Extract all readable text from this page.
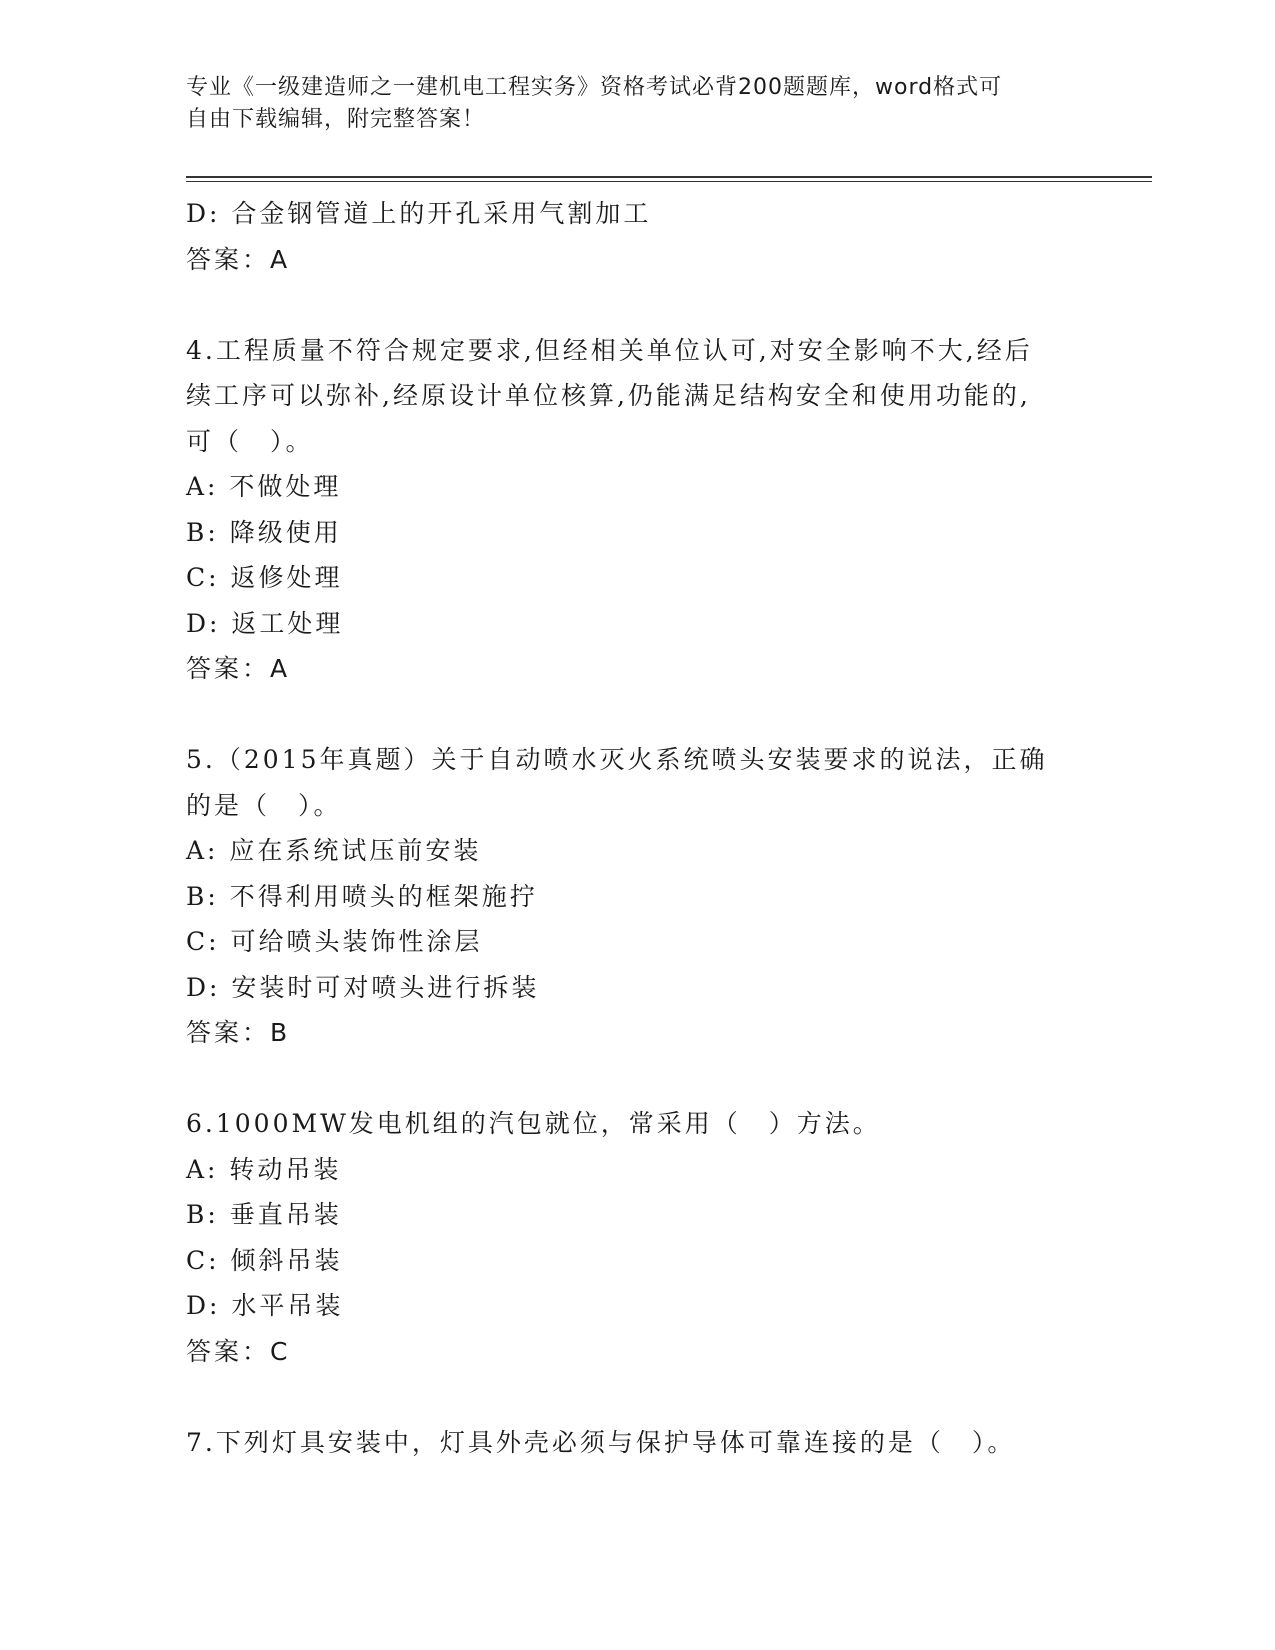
专业《一级建造师之一建机电工程实务》资格考试必背200题题库，word格式可
自由下载编辑，附完整答案！
D: 合金钢管道上的开孔采用气割加工
答案：A
4.工程质量不符合规定要求,但经相关单位认可,对安全影响不大,经后
续工序可以弥补,经原设计单位核算,仍能满足结构安全和使用功能的,
可（　）。
A: 不做处理
B: 降级使用
C: 返修处理
D: 返工处理
答案：A
5.（2015年真题）关于自动喷水灭火系统喷头安装要求的说法，正确
的是（　）。
A: 应在系统试压前安装
B: 不得利用喷头的框架施拧
C: 可给喷头装饰性涂层
D: 安装时可对喷头进行拆装
答案：B
6.1000MW发电机组的汽包就位，常采用（　）方法。
A: 转动吊装
B: 垂直吊装
C: 倾斜吊装
D: 水平吊装
答案：C
7.下列灯具安装中，灯具外壳必须与保护导体可靠连接的是（　）。
